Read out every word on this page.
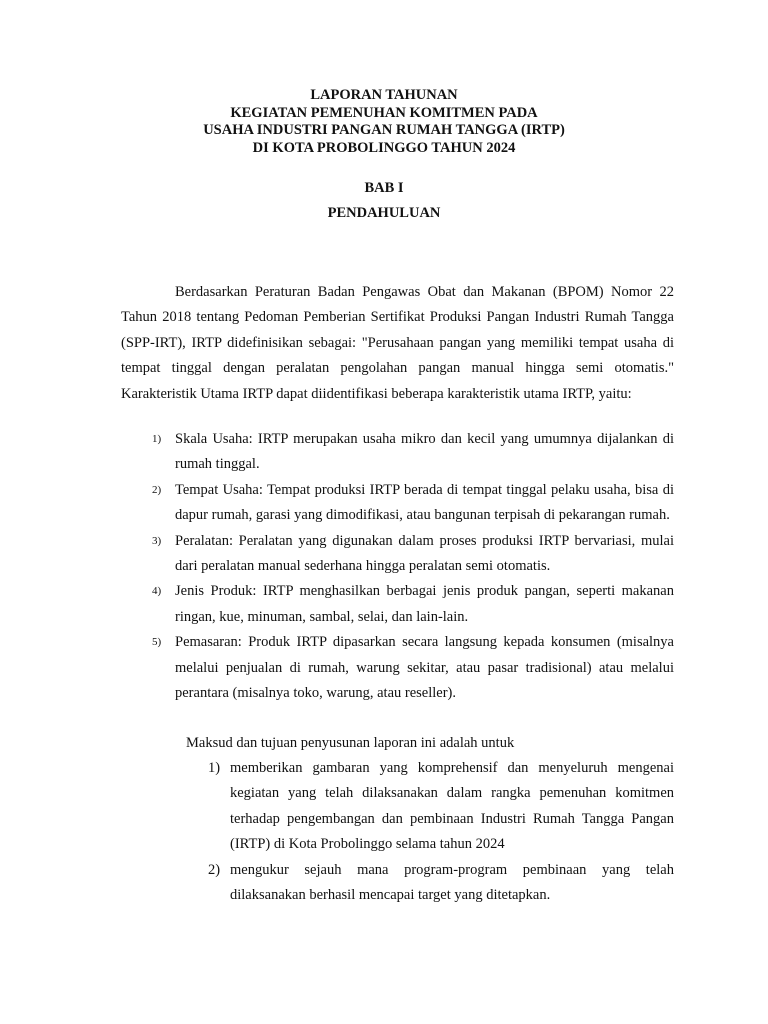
LAPORAN TAHUNAN
KEGIATAN PEMENUHAN KOMITMEN PADA
USAHA INDUSTRI PANGAN RUMAH TANGGA (IRTP)
DI KOTA PROBOLINGGO TAHUN 2024
BAB I
PENDAHULUAN

Berdasarkan Peraturan Badan Pengawas Obat dan Makanan (BPOM) Nomor 22 Tahun 2018 tentang Pedoman Pemberian Sertifikat Produksi Pangan Industri Rumah Tangga (SPP-IRT), IRTP didefinisikan sebagai: "Perusahaan pangan yang memiliki tempat usaha di tempat tinggal dengan peralatan pengolahan pangan manual hingga semi otomatis." Karakteristik Utama IRTP dapat diidentifikasi beberapa karakteristik utama IRTP, yaitu:

1) Skala Usaha: IRTP merupakan usaha mikro dan kecil yang umumnya dijalankan di rumah tinggal.
2) Tempat Usaha: Tempat produksi IRTP berada di tempat tinggal pelaku usaha, bisa di dapur rumah, garasi yang dimodifikasi, atau bangunan terpisah di pekarangan rumah.
3) Peralatan: Peralatan yang digunakan dalam proses produksi IRTP bervariasi, mulai dari peralatan manual sederhana hingga peralatan semi otomatis.
4) Jenis Produk: IRTP menghasilkan berbagai jenis produk pangan, seperti makanan ringan, kue, minuman, sambal, selai, dan lain-lain.
5) Pemasaran: Produk IRTP dipasarkan secara langsung kepada konsumen (misalnya melalui penjualan di rumah, warung sekitar, atau pasar tradisional) atau melalui perantara (misalnya toko, warung, atau reseller).
Maksud dan tujuan penyusunan laporan ini adalah untuk
1) memberikan gambaran yang komprehensif dan menyeluruh mengenai kegiatan yang telah dilaksanakan dalam rangka pemenuhan komitmen terhadap pengembangan dan pembinaan Industri Rumah Tangga Pangan (IRTP) di Kota Probolinggo selama tahun 2024
2) mengukur sejauh mana program-program pembinaan yang telah dilaksanakan berhasil mencapai target yang ditetapkan.
